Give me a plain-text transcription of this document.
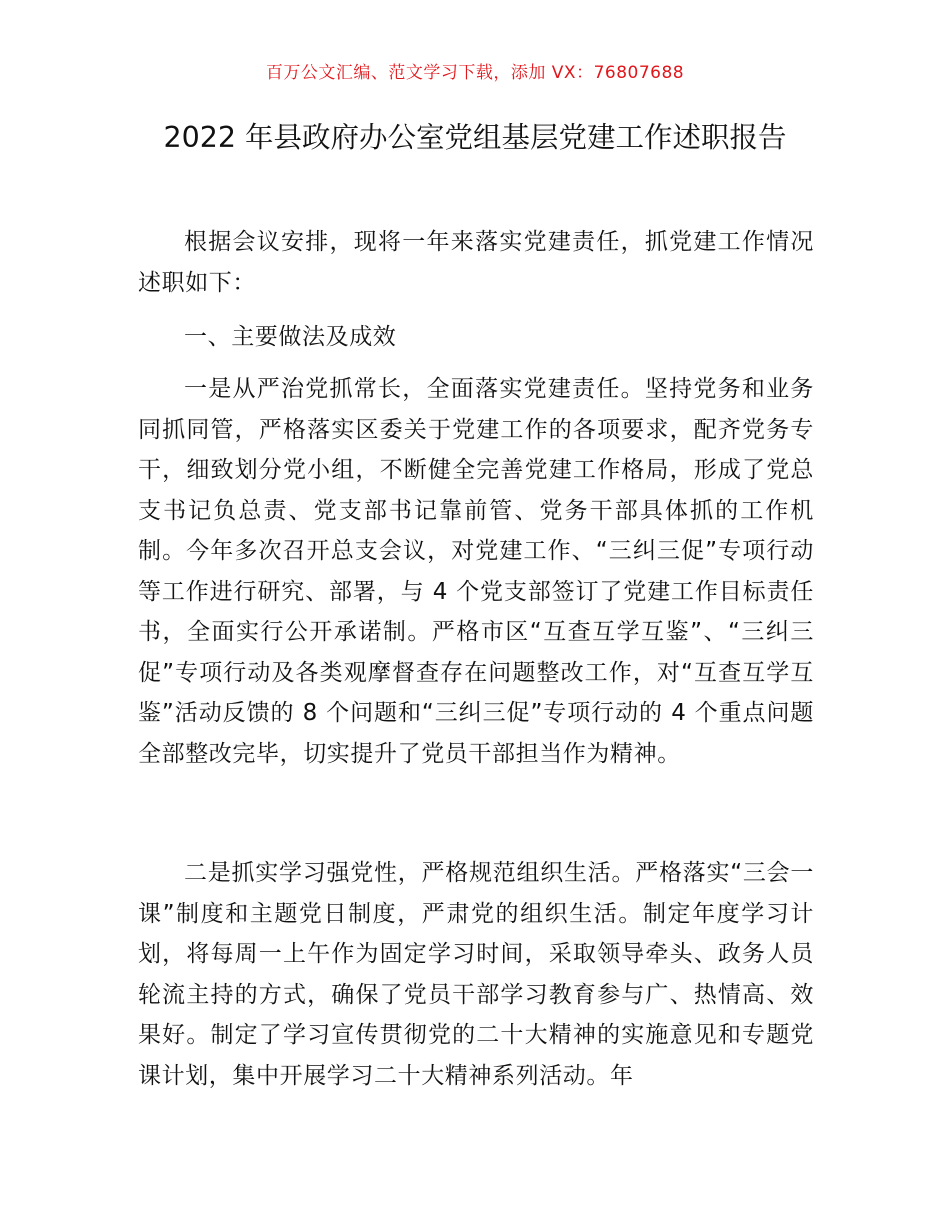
百万公文汇编、范文学习下载，添加 VX：76807688
2022 年县政府办公室党组基层党建工作述职报告

根据会议安排，现将一年来落实党建责任，抓党建工作情况述职如下：

一、主要做法及成效

一是从严治党抓常长，全面落实党建责任。坚持党务和业务同抓同管，严格落实区委关于党建工作的各项要求，配齐党务专干，细致划分党小组，不断健全完善党建工作格局，形成了党总支书记负总责、党支部书记靠前管、党务干部具体抓的工作机制。今年多次召开总支会议，对党建工作、“三纠三促”专项行动等工作进行研究、部署，与 4 个党支部签订了党建工作目标责任书，全面实行公开承诺制。严格市区“互查互学互鉴”、“三纠三促”专项行动及各类观摩督查存在问题整改工作，对“互查互学互鉴”活动反馈的 8 个问题和“三纠三促”专项行动的 4 个重点问题全部整改完毕，切实提升了党员干部担当作为精神。

二是抓实学习强党性，严格规范组织生活。严格落实“三会一课”制度和主题党日制度，严肃党的组织生活。制定年度学习计划，将每周一上午作为固定学习时间，采取领导牵头、政务人员轮流主持的方式，确保了党员干部学习教育参与广、热情高、效果好。制定了学习宣传贯彻党的二十大精神的实施意见和专题党课计划，集中开展学习二十大精神系列活动。年
